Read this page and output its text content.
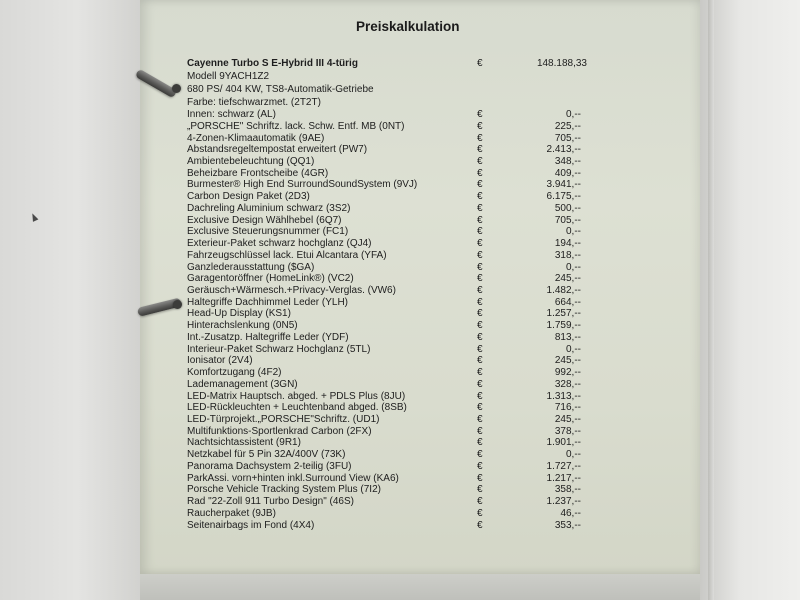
Preiskalkulation
Cayenne Turbo S E-Hybrid III 4-türig	€	148.188,33
Modell 9YACH1Z2
680 PS/ 404 KW, TS8-Automatik-Getriebe
Farbe: tiefschwarzmet. (2T2T)
Innen: schwarz (AL)	€	0,--
„PORSCHE" Schriftz. lack. Schw. Entf. MB (0NT)	€	225,--
4-Zonen-Klimaautomatik (9AE)	€	705,--
Abstandsregeltempostat erweitert (PW7)	€	2.413,--
Ambientebeleuchtung (QQ1)	€	348,--
Beheizbare Frontscheibe (4GR)	€	409,--
Burmester® High End SurroundSoundSystem (9VJ)	€	3.941,--
Carbon Design Paket (2D3)	€	6.175,--
Dachreling Aluminium schwarz (3S2)	€	500,--
Exclusive Design Wählhebel (6Q7)	€	705,--
Exclusive Steuerungsnummer (FC1)	€	0,--
Exterieur-Paket schwarz hochglanz (QJ4)	€	194,--
Fahrzeugschlüssel lack. Etui Alcantara (YFA)	€	318,--
Ganzlederausstattung ($GA)	€	0,--
Garagentoröffner (HomeLink®) (VC2)	€	245,--
Geräusch+Wärmesch.+Privacy-Verglas. (VW6)	€	1.482,--
Haltegriffe Dachhimmel Leder (YLH)	€	664,--
Head-Up Display (KS1)	€	1.257,--
Hinterachslenkung (0N5)	€	1.759,--
Int.-Zusatzp. Haltegriffe Leder (YDF)	€	813,--
Interieur-Paket Schwarz Hochglanz (5TL)	€	0,--
Ionisator (2V4)	€	245,--
Komfortzugang (4F2)	€	992,--
Lademanagement (3GN)	€	328,--
LED-Matrix Hauptsch. abged. + PDLS Plus (8JU)	€	1.313,--
LED-Rückleuchten + Leuchtenband abged. (8SB)	€	716,--
LED-Türprojekt.„PORSCHE"Schriftz. (UD1)	€	245,--
Multifunktions-Sportlenkrad Carbon (2FX)	€	378,--
Nachtsichtassistent (9R1)	€	1.901,--
Netzkabel für 5 Pin 32A/400V (73K)	€	0,--
Panorama Dachsystem 2-teilig (3FU)	€	1.727,--
ParkAssi. vorn+hinten inkl.Surround View (KA6)	€	1.217,--
Porsche Vehicle Tracking System Plus (7I2)	€	358,--
Rad "22-Zoll 911 Turbo Design" (46S)	€	1.237,--
Raucherpaket (9JB)	€	46,--
Seitenairbags im Fond (4X4)	€	353,--
